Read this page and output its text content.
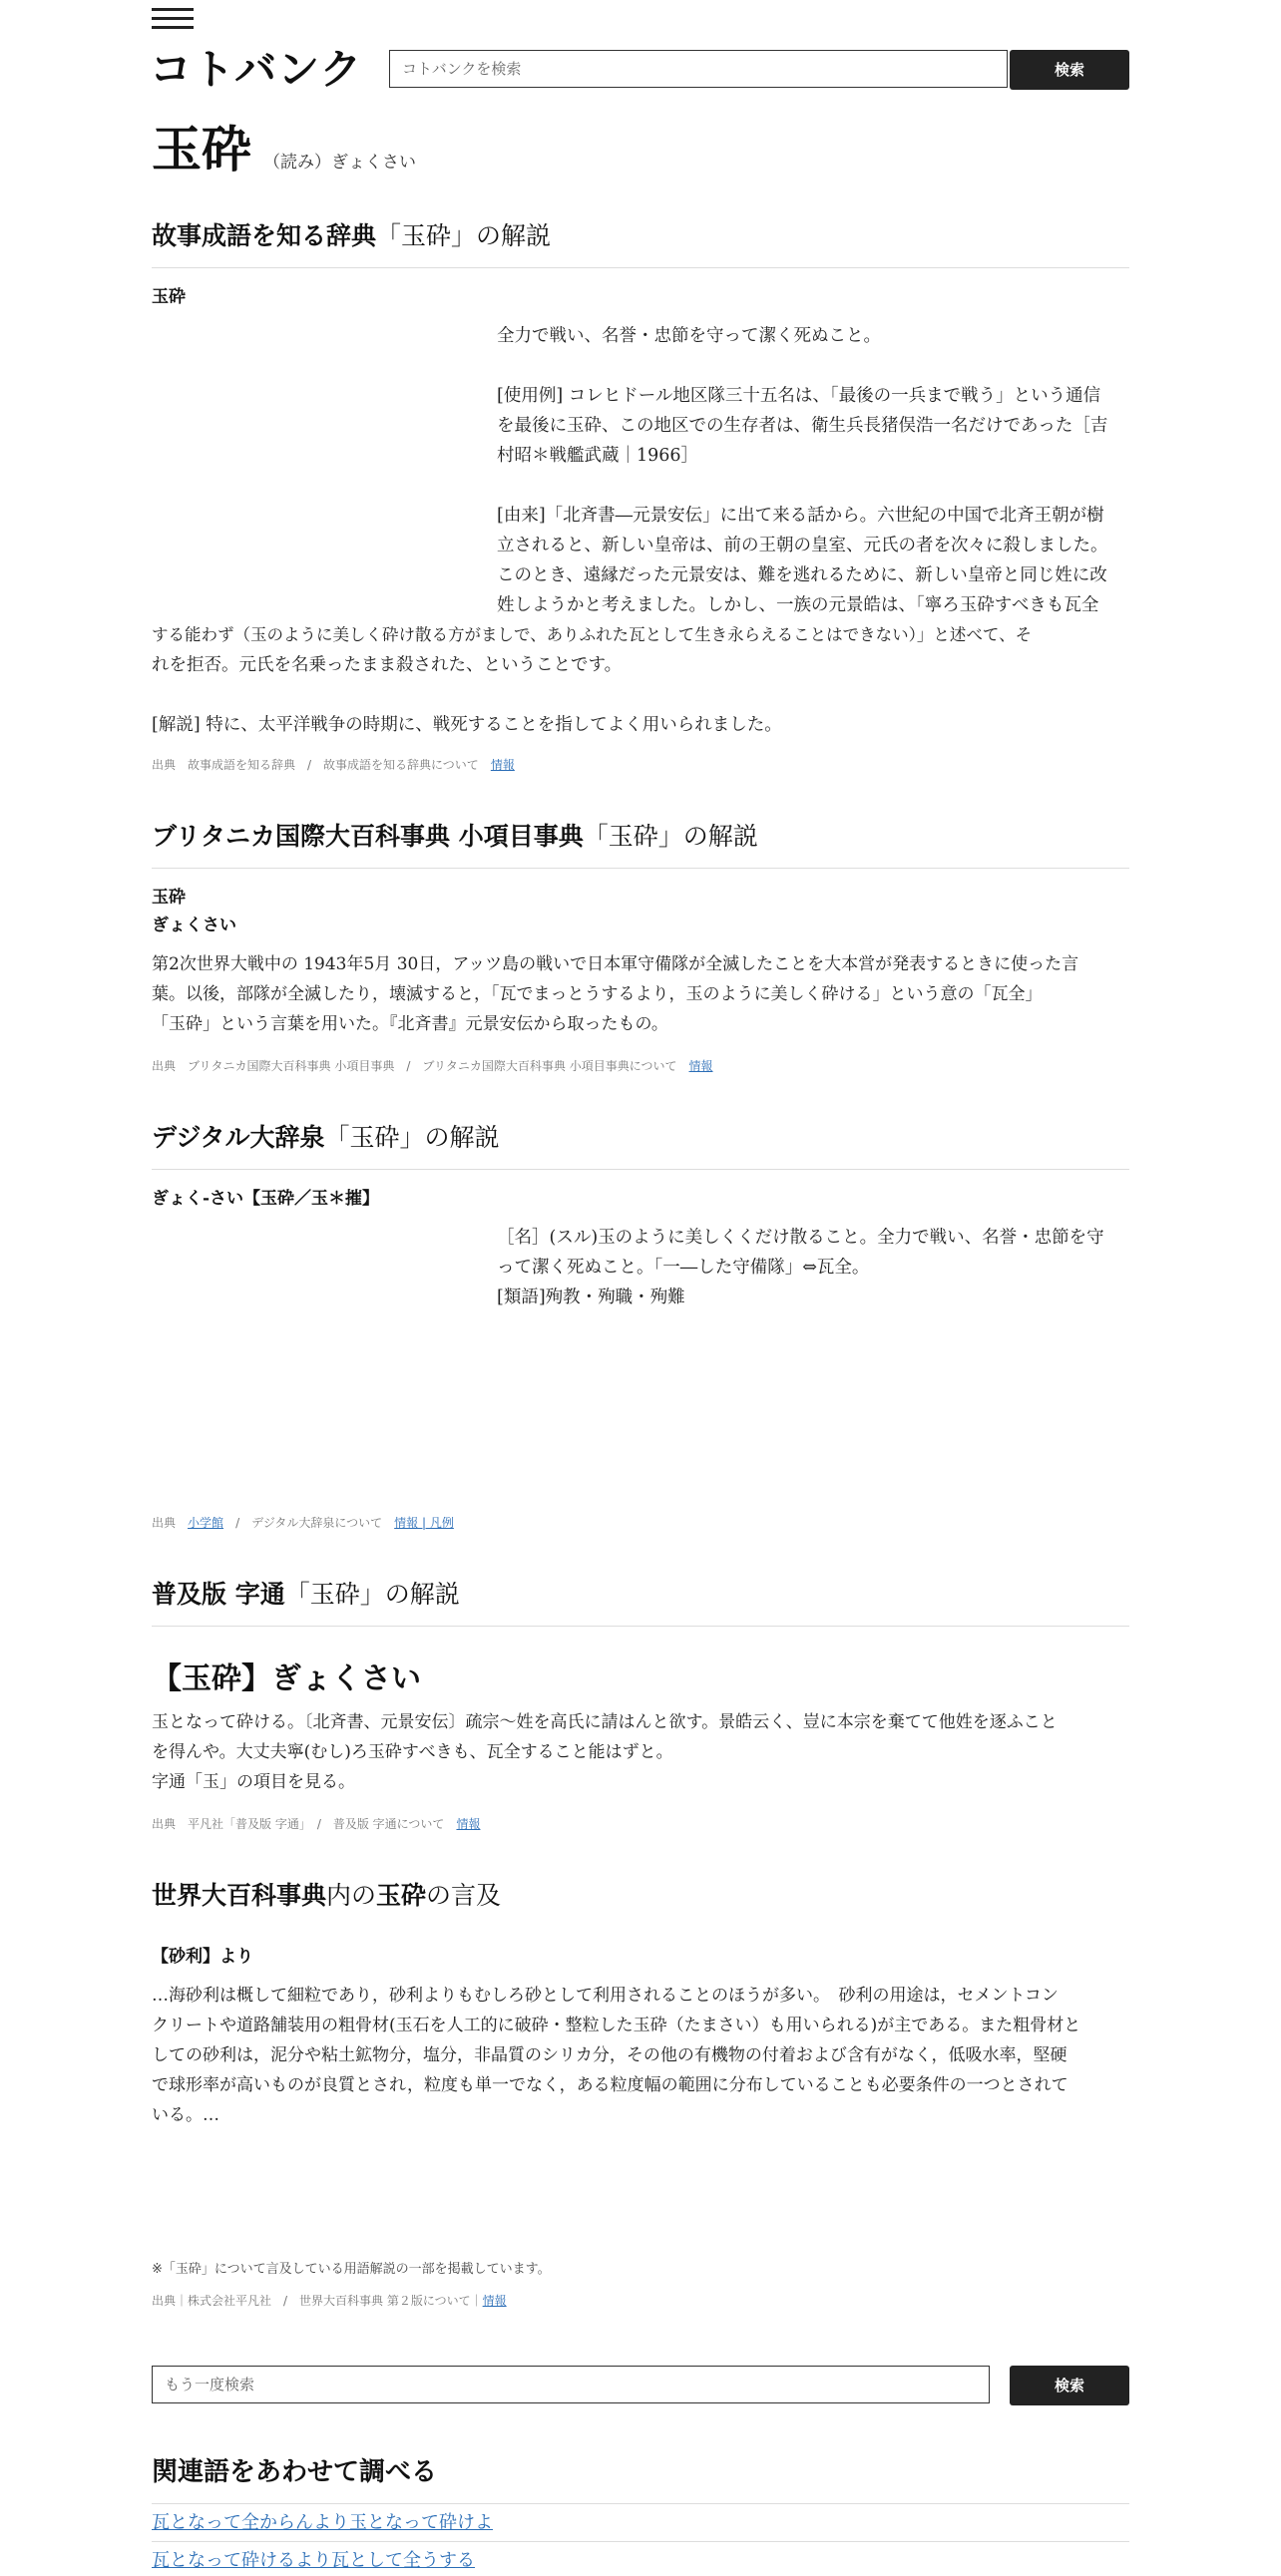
コトバンク	コトバンクを検索	検索
玉砕 （読み）ぎょくさい
故事成語を知る辞典「玉砕」の解説
玉砕
全力で戦い、名誉・忠節を守って潔く死ぬこと。
[使用例] コレヒドール地区隊三十五名は、「最後の一兵まで戦う」という通信
を最後に玉砕、この地区での生存者は、衛生兵長猪俣浩一名だけであった［吉
村昭＊戦艦武蔵｜1966］
[由来]「北斉書―元景安伝」に出て来る話から。六世紀の中国で北斉王朝が樹
立されると、新しい皇帝は、前の王朝の皇室、元氏の者を次々に殺しました。
このとき、遠縁だった元景安は、難を逃れるために、新しい皇帝と同じ姓に改
姓しようかと考えました。しかし、一族の元景皓は、「寧ろ玉砕すべきも瓦全
する能わず（玉のように美しく砕け散る方がましで、ありふれた瓦として生き永らえることはできない）」と述べて、そ
れを拒否。元氏を名乗ったまま殺された、ということです。
[解説] 特に、太平洋戦争の時期に、戦死することを指してよく用いられました。
出典　故事成語を知る辞典　/　故事成語を知る辞典について　 情報
ブリタニカ国際大百科事典 小項目事典「玉砕」の解説
玉砕
ぎょくさい
第2次世界大戦中の 1943年5月 30日，アッツ島の戦いで日本軍守備隊が全滅したことを大本営が発表するときに使った言
葉。以後，部隊が全滅したり，壊滅すると，「瓦でまっとうするより，玉のように美しく砕ける」という意の「瓦全」
「玉砕」という言葉を用いた。『北斉書』元景安伝から取ったもの。
出典　ブリタニカ国際大百科事典 小項目事典　/　ブリタニカ国際大百科事典 小項目事典について　 情報
デジタル大辞泉「玉砕」の解説
ぎょく-さい【玉砕／玉＊摧】
［名］(スル)玉のように美しくくだけ散ること。全力で戦い、名誉・忠節を守
って潔く死ぬこと。「一―した守備隊」⇔瓦全。
[類語]殉教・殉職・殉難
出典　 小学館　 /　デジタル大辞泉について　 情報 | 凡例
普及版 字通「玉砕」の解説
【玉砕】ぎょくさい
玉となって砕ける。〔北斉書、元景安伝〕疏宗～姓を高氏に請はんと欲す。景皓云く、豈に本宗を棄てて他姓を逐ふこと
を得んや。大丈夫寧(むし)ろ玉砕すべきも、瓦全すること能はずと。
字通「玉」の項目を見る。
出典　平凡社「普及版 字通」　/　普及版 字通について　 情報
世界大百科事典内の玉砕の言及
【砂利】より
…海砂利は概して細粒であり，砂利よりもむしろ砂として利用されることのほうが多い。　砂利の用途は，セメントコン
クリートや道路舗装用の粗骨材(玉石を人工的に破砕・整粒した玉砕（たまさい）も用いられる)が主である。また粗骨材と
しての砂利は，泥分や粘土鉱物分，塩分，非晶質のシリカ分，その他の有機物の付着および含有がなく，低吸水率，堅硬
で球形率が高いものが良質とされ，粒度も単一でなく，ある粒度幅の範囲に分布していることも必要条件の一つとされて
いる。…
※「玉砕」について言及している用語解説の一部を掲載しています。
出典｜株式会社平凡社　/　世界大百科事典 第２版について｜情報
もう一度検索	検索
関連語をあわせて調べる
瓦となって全からんより玉となって砕けよ
瓦となって砕けるより瓦として全うする
